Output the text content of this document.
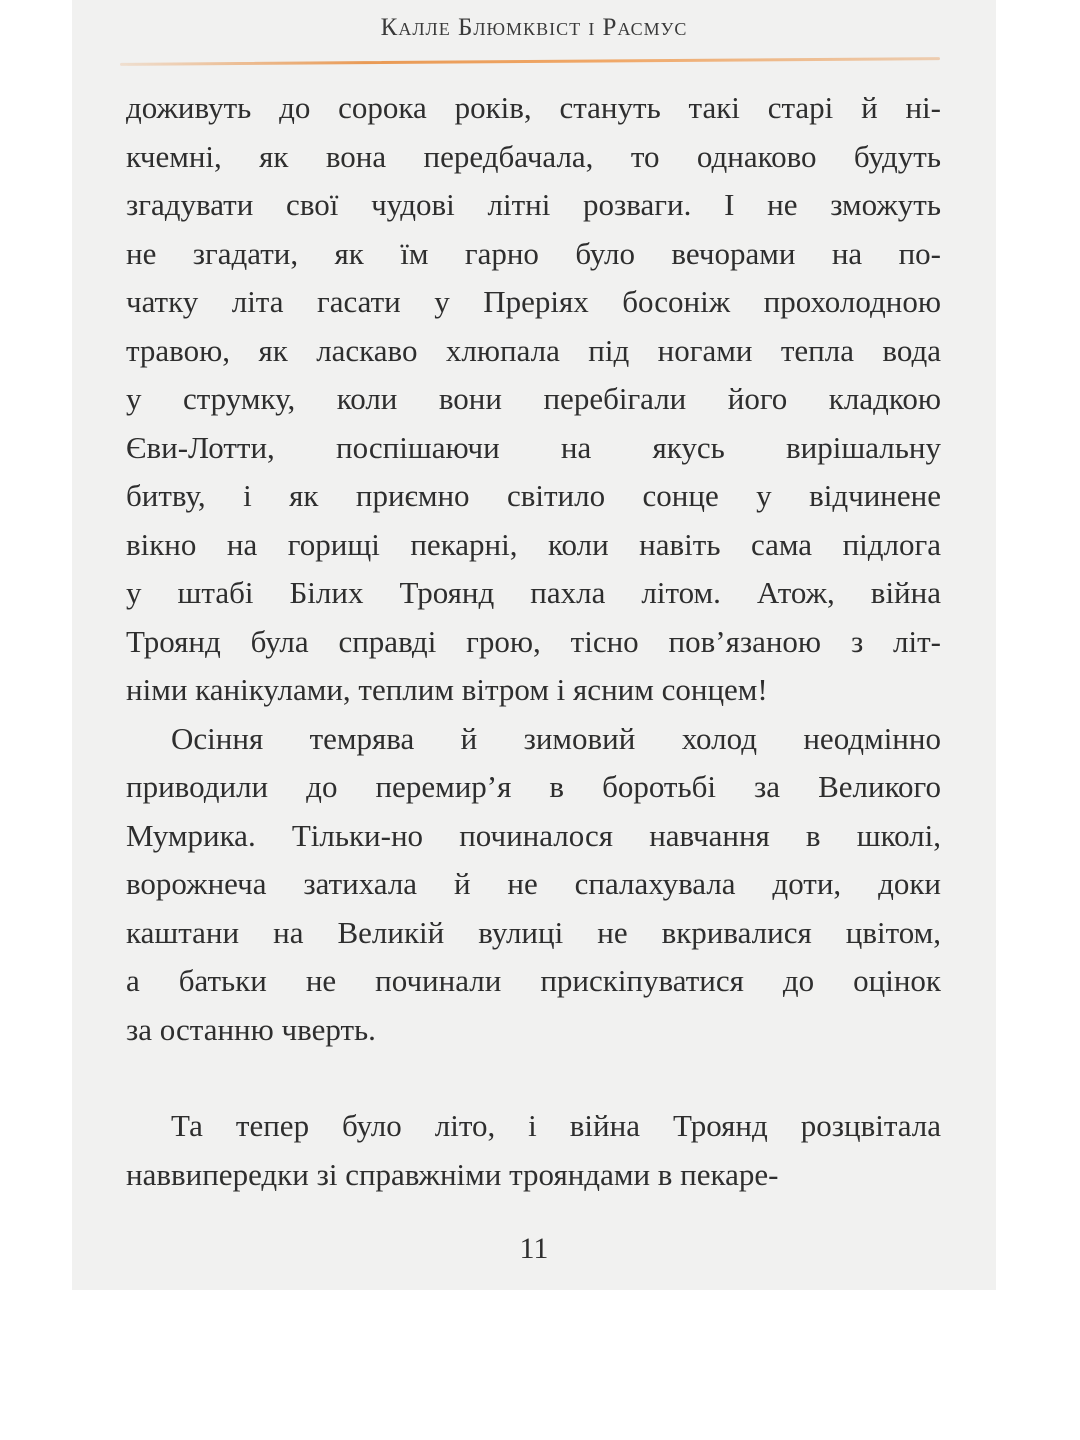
Калле Блюмквіст і Расмус
доживуть до сорока років, стануть такі старі й ні-
кчемні, як вона передбачала, то однаково будуть
згадувати свої чудові літні розваги. І не зможуть
не згадати, як їм гарно було вечорами на по-
чатку літа гасати у Преріях босоніж прохолодною
травою, як ласкаво хлюпала під ногами тепла вода
у струмку, коли вони перебігали його кладкою
Єви-Лотти, поспішаючи на якусь вирішальну
битву, і як приємно світило сонце у відчинене
вікно на горищі пекарні, коли навіть сама підлога
у штабі Білих Троянд пахла літом. Атож, війна
Троянд була справді грою, тісно пов’язаною з літ-
німи канікулами, теплим вітром і ясним сонцем!
Осіння темрява й зимовий холод неодмінно
приводили до перемир’я в боротьбі за Великого
Мумрика. Тільки-но починалося навчання в школі,
ворожнеча затихала й не спалахувала доти, доки
каштани на Великій вулиці не вкривалися цвітом,
а батьки не починали прискіпуватися до оцінок
за останню чверть.
Та тепер було літо, і війна Троянд розцвітала
наввипередки зі справжніми трояндами в пекаре-
11
